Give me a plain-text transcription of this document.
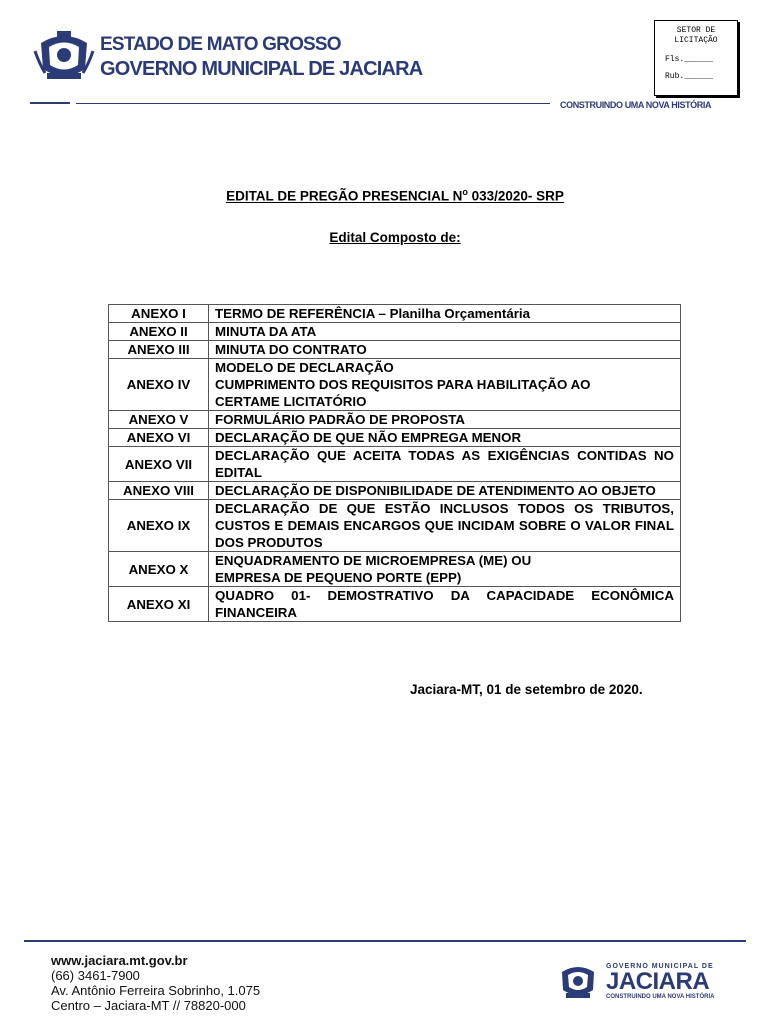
ESTADO DE MATO GROSSO
GOVERNO MUNICIPAL DE JACIARA
CONSTRUINDO UMA NOVA HISTÓRIA
SETOR DE
LICITAÇÃO
Fls.______
Rub.______
EDITAL DE PREGÃO PRESENCIAL $N^o$ 033/2020- SRP
Edital Composto de:
ANEXO I	TERMO DE REFERÊNCIA – Planilha Orçamentária

ANEXO II	MINUTA DA ATA

ANEXO III	MINUTA DO CONTRATO

ANEXO IV	MODELO DE DECLARAÇÃO
CUMPRIMENTO DOS REQUISITOS PARA HABILITAÇÃO AO
CERTAME LICITATÓRIO

ANEXO V	FORMULÁRIO PADRÃO DE PROPOSTA

ANEXO VI	DECLARAÇÃO DE QUE NÃO EMPREGA MENOR

ANEXO VII	DECLARAÇÃO QUE ACEITA TODAS AS EXIGÊNCIAS CONTIDAS NO EDITAL
ANEXO VIII	DECLARAÇÃO DE DISPONIBILIDADE DE ATENDIMENTO AO OBJETO
ANEXO IX	DECLARAÇÃO DE QUE ESTÃO INCLUSOS TODOS OS TRIBUTOS, CUSTOS E DEMAIS ENCARGOS QUE INCIDAM SOBRE O VALOR FINAL DOS PRODUTOS
ANEXO X	ENQUADRAMENTO DE MICROEMPRESA (ME) OU
EMPRESA DE PEQUENO PORTE (EPP)

ANEXO XI	QUADRO 01- DEMOSTRATIVO DA CAPACIDADE ECONÔMICA FINANCEIRA
Jaciara-MT, 01 de setembro de 2020.
www.jaciara.mt.gov.br
(66) 3461-7900
Av. Antônio Ferreira Sobrinho, 1.075
Centro – Jaciara-MT // 78820-000
GOVERNO MUNICIPAL DE
JACIARA
CONSTRUINDO UMA NOVA HISTÓRIA
